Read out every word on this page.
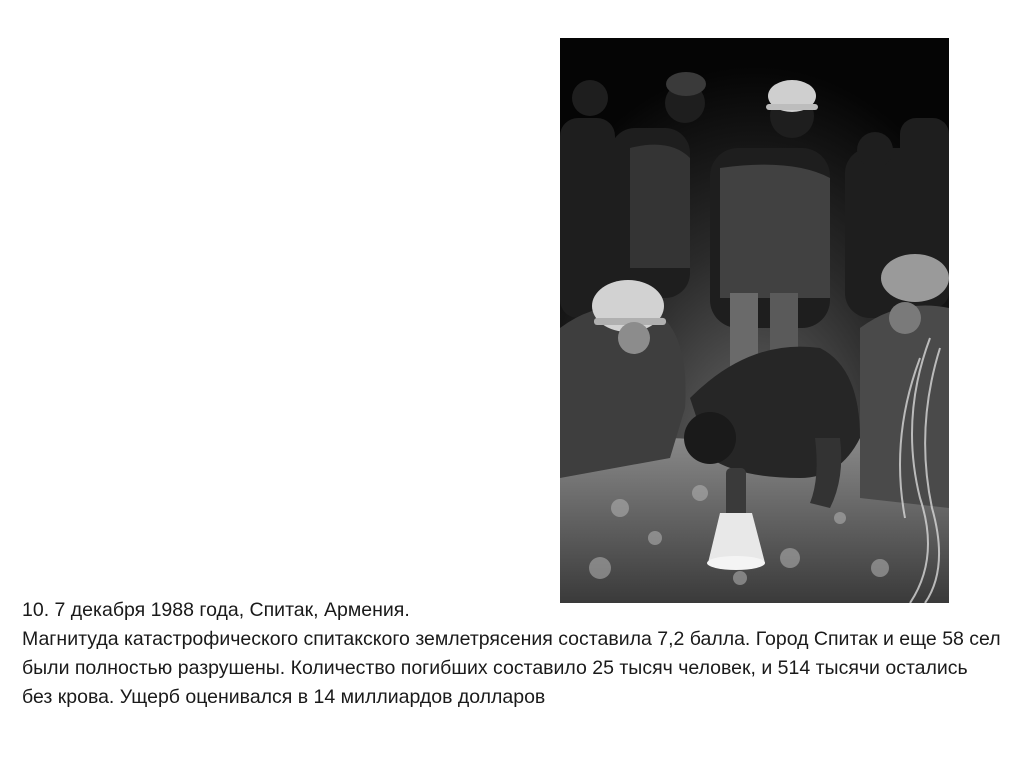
10. 7 декабря 1988 года, Спитак, Армения.

Магнитуда катастрофического спитакского землетрясения составила 7,2 балла. Город Спитак и еще 58 сел были полностью разрушены. Количество погибших составило 25 тысяч человек, и 514 тысячи остались без крова. Ущерб оценивался в 14 миллиардов долларов
